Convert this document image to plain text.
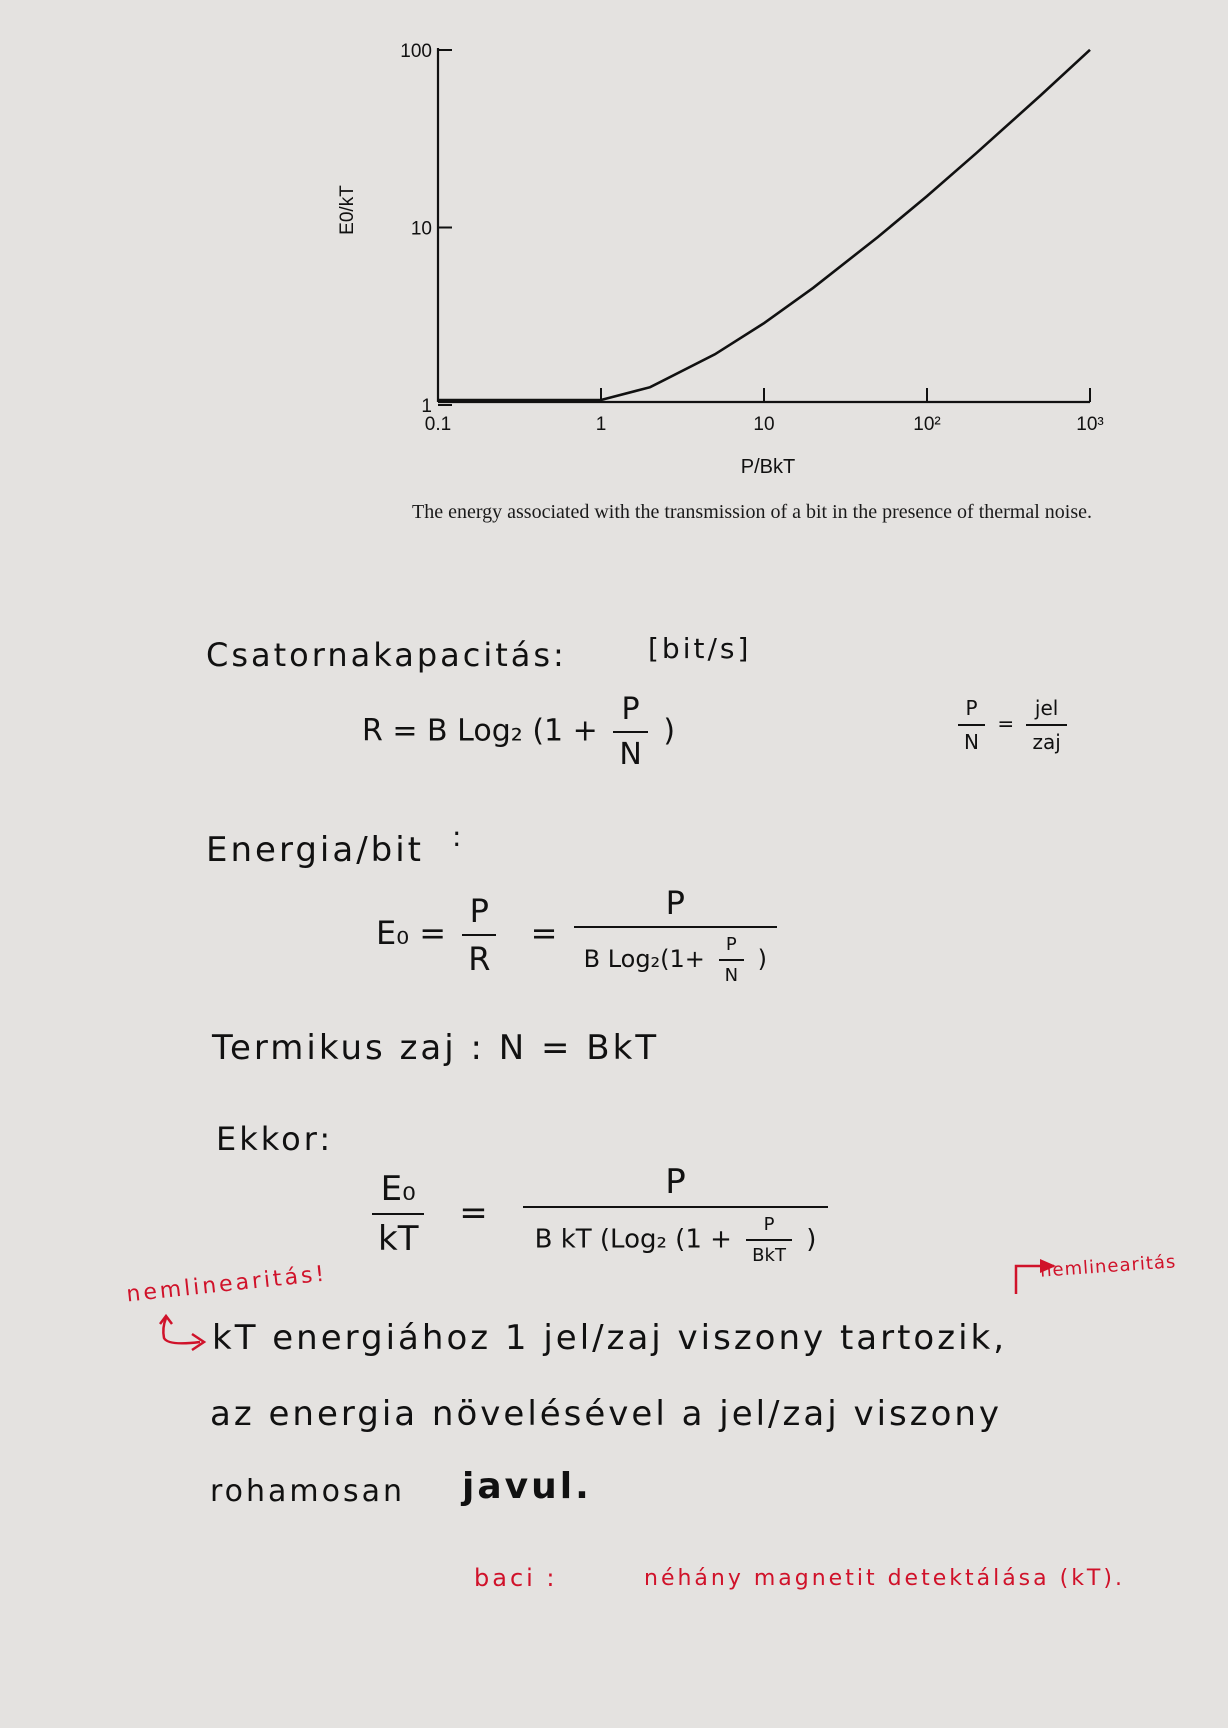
0.1	1	10	10²	10³
1
10
100
E0/kT
P/BkT
The energy associated with the transmission of a bit in the presence of thermal noise.
Csatornakapacitás:	[bit/s]
R = B Log₂ ($1 + \frac{P}{N}$ )	$\frac{P}{N} = \frac{\text{jel}}{\text{zaj}}$
Energia/bit :
$E_0 = \frac{P}{R}$ =
P
B $Log_2(1+ \frac{P}{N}$ )
Termikus zaj : N = BkT
Ekkor:
$\frac{\text{E₀}}{kT}$ =
P
B kT (Log₂ ($1 + \frac{P}{\text{BkT}}$ )
nemlinearitás!	nemlinearitás
kT energiához 1 jel/zaj viszony tartozik,
az energia növelésével a jel/zaj viszony
rohamosan javul.
baci :	néhány magnetit detektálása (kT).
